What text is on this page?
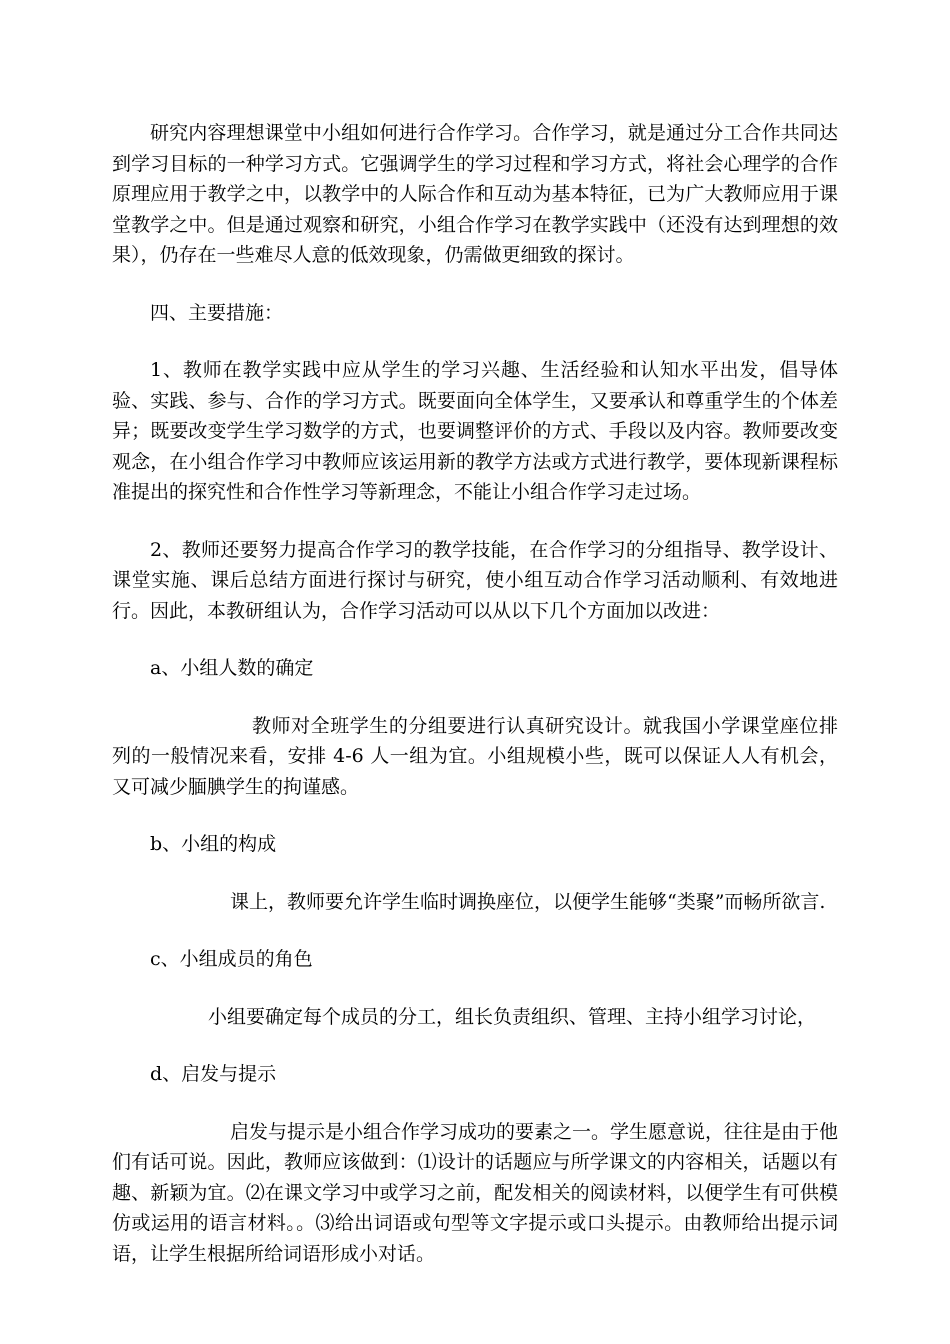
研究内容理想课堂中小组如何进行合作学习。合作学习，就是通过分工合作共同达到学习目标的一种学习方式。它强调学生的学习过程和学习方式，将社会心理学的合作原理应用于教学之中，以教学中的人际合作和互动为基本特征，已为广大教师应用于课堂教学之中。但是通过观察和研究，小组合作学习在教学实践中（还没有达到理想的效果），仍存在一些难尽人意的低效现象，仍需做更细致的探讨。

四、主要措施：

1、教师在教学实践中应从学生的学习兴趣、生活经验和认知水平出发，倡导体验、实践、参与、合作的学习方式。既要面向全体学生，又要承认和尊重学生的个体差异；既要改变学生学习数学的方式，也要调整评价的方式、手段以及内容。教师要改变观念，在小组合作学习中教师应该运用新的教学方法或方式进行教学，要体现新课程标准提出的探究性和合作性学习等新理念，不能让小组合作学习走过场。

2、教师还要努力提高合作学习的教学技能，在合作学习的分组指导、教学设计、课堂实施、课后总结方面进行探讨与研究，使小组互动合作学习活动顺利、有效地进行。因此，本教研组认为，合作学习活动可以从以下几个方面加以改进：

a、小组人数的确定

教师对全班学生的分组要进行认真研究设计。就我国小学课堂座位排列的一般情况来看，安排 4-6 人一组为宜。小组规模小些，既可以保证人人有机会，又可减少腼腆学生的拘谨感。

b、小组的构成

课上，教师要允许学生临时调换座位，以便学生能够“类聚”而畅所欲言.

c、小组成员的角色

小组要确定每个成员的分工，组长负责组织、管理、主持小组学习讨论，

d、启发与提示

启发与提示是小组合作学习成功的要素之一。学生愿意说，往往是由于他们有话可说。因此，教师应该做到：⑴设计的话题应与所学课文的内容相关，话题以有趣、新颖为宜。⑵在课文学习中或学习之前，配发相关的阅读材料，以便学生有可供模仿或运用的语言材料。。⑶给出词语或句型等文字提示或口头提示。由教师给出提示词语，让学生根据所给词语形成小对话。
